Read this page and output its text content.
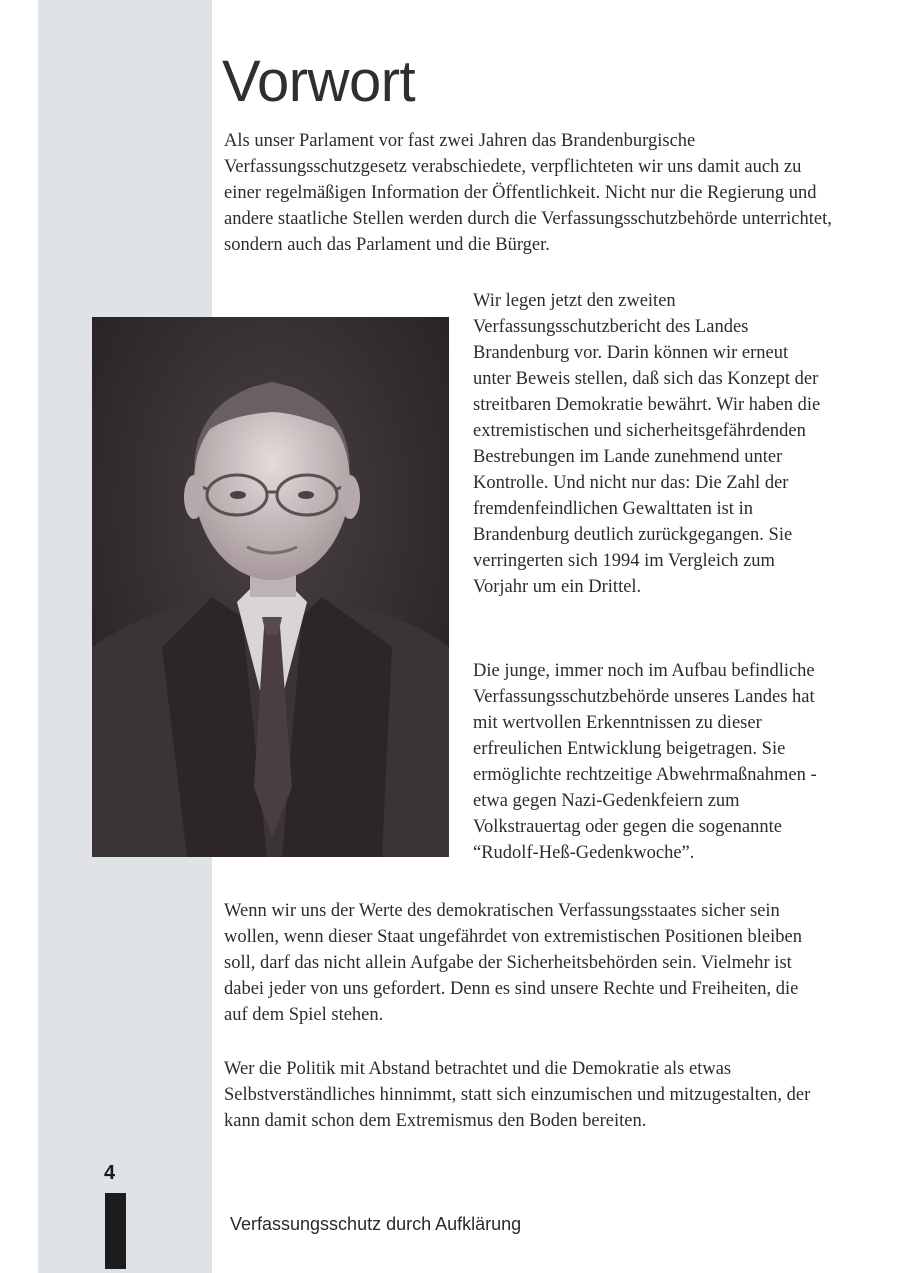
Vorwort

Als unser Parlament vor fast zwei Jahren das Brandenburgische Verfassungsschutzgesetz verabschiedete, verpflichteten wir uns damit auch zu einer regelmäßigen Information der Öffentlichkeit. Nicht nur die Regierung und andere staatliche Stellen werden durch die Verfassungsschutzbehörde unterrichtet, sondern auch das Parlament und die Bürger.

Wir legen jetzt den zweiten Verfassungsschutzbericht des Landes Brandenburg vor. Darin können wir erneut unter Beweis stellen, daß sich das Konzept der streitbaren Demokratie bewährt. Wir haben die extremistischen und sicherheitsgefährdenden Bestrebungen im Lande zunehmend unter Kontrolle. Und nicht nur das: Die Zahl der fremdenfeindlichen Gewalttaten ist in Brandenburg deutlich zurückgegangen. Sie verringerten sich 1994 im Vergleich zum Vorjahr um ein Drittel.

Die junge, immer noch im Aufbau befindliche Verfassungsschutzbehörde unseres Landes hat mit wertvollen Erkenntnissen zu dieser erfreulichen Entwicklung beigetragen. Sie ermöglichte rechtzeitige Abwehrmaßnahmen - etwa gegen Nazi-Gedenkfeiern zum Volkstrauertag oder gegen die sogenannte “Rudolf-Heß-Gedenkwoche”.

Wenn wir uns der Werte des demokratischen Verfassungsstaates sicher sein wollen, wenn dieser Staat ungefährdet von extremistischen Positionen bleiben soll, darf das nicht allein Aufgabe der Sicherheitsbehörden sein. Vielmehr ist dabei jeder von uns gefordert. Denn es sind unsere Rechte und Freiheiten, die auf dem Spiel stehen.

Wer die Politik mit Abstand betrachtet und die Demokratie als etwas Selbstverständliches hinnimmt, statt sich einzumischen und mitzugestalten, der kann damit schon dem Extremismus den Boden bereiten.

4
Verfassungsschutz durch Aufklärung
